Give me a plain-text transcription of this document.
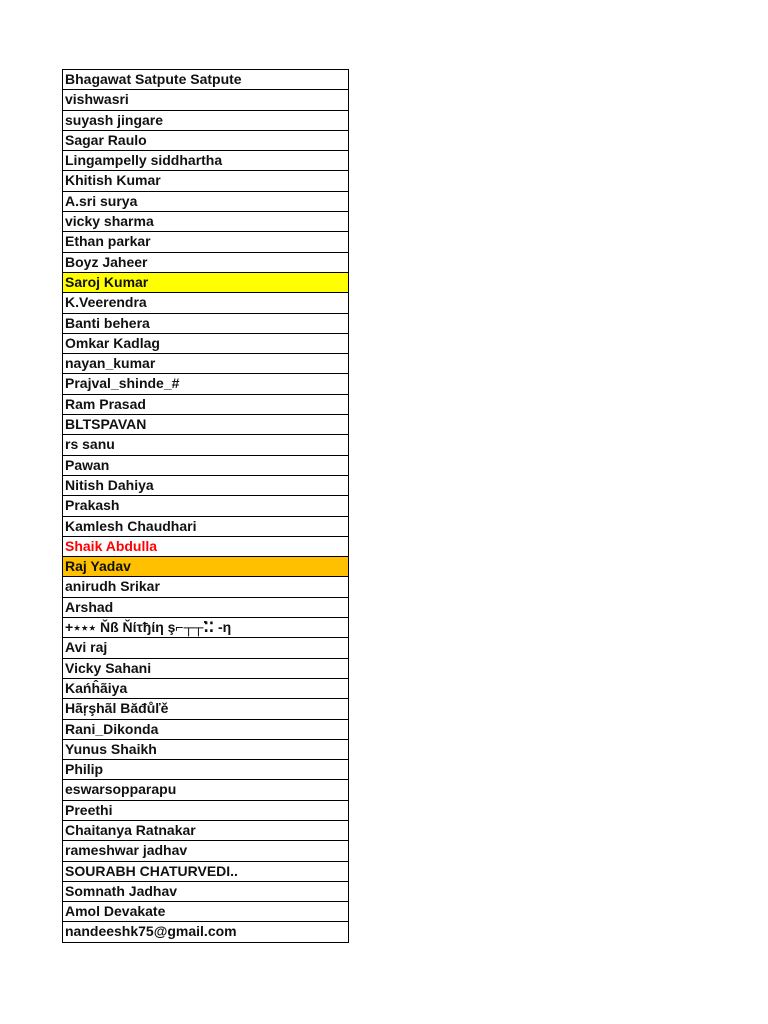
Bhagawat Satpute Satpute
vishwasri
suyash jingare
Sagar Raulo
Lingampelly siddhartha
Khitish Kumar
A.sri surya
vicky sharma
Ethan parkar
Boyz Jaheer
Saroj Kumar
K.Veerendra
Banti behera
Omkar Kadlag
nayan_kumar
Prajval_shinde_#
Ram Prasad
BLTSPAVAN
rs sanu
Pawan
Nitish Dahiya
Prakash
Kamlesh Chaudhari
Shaik Abdulla
Raj Yadav
anirudh Srikar
Arshad
+٭٭٭ Ňß Ňίτђίη ş⌐┬┬⁚̇⁚ -η
Avi raj
Vicky Sahani
Kańĥãiya
Hãŗşhãl Băđůľě
Rani_Dikonda
Yunus Shaikh
Philip
eswarsopparapu
Preethi
Chaitanya Ratnakar
rameshwar jadhav
SOURABH CHATURVEDI..
Somnath Jadhav
Amol Devakate
nandeeshk75@gmail.com
